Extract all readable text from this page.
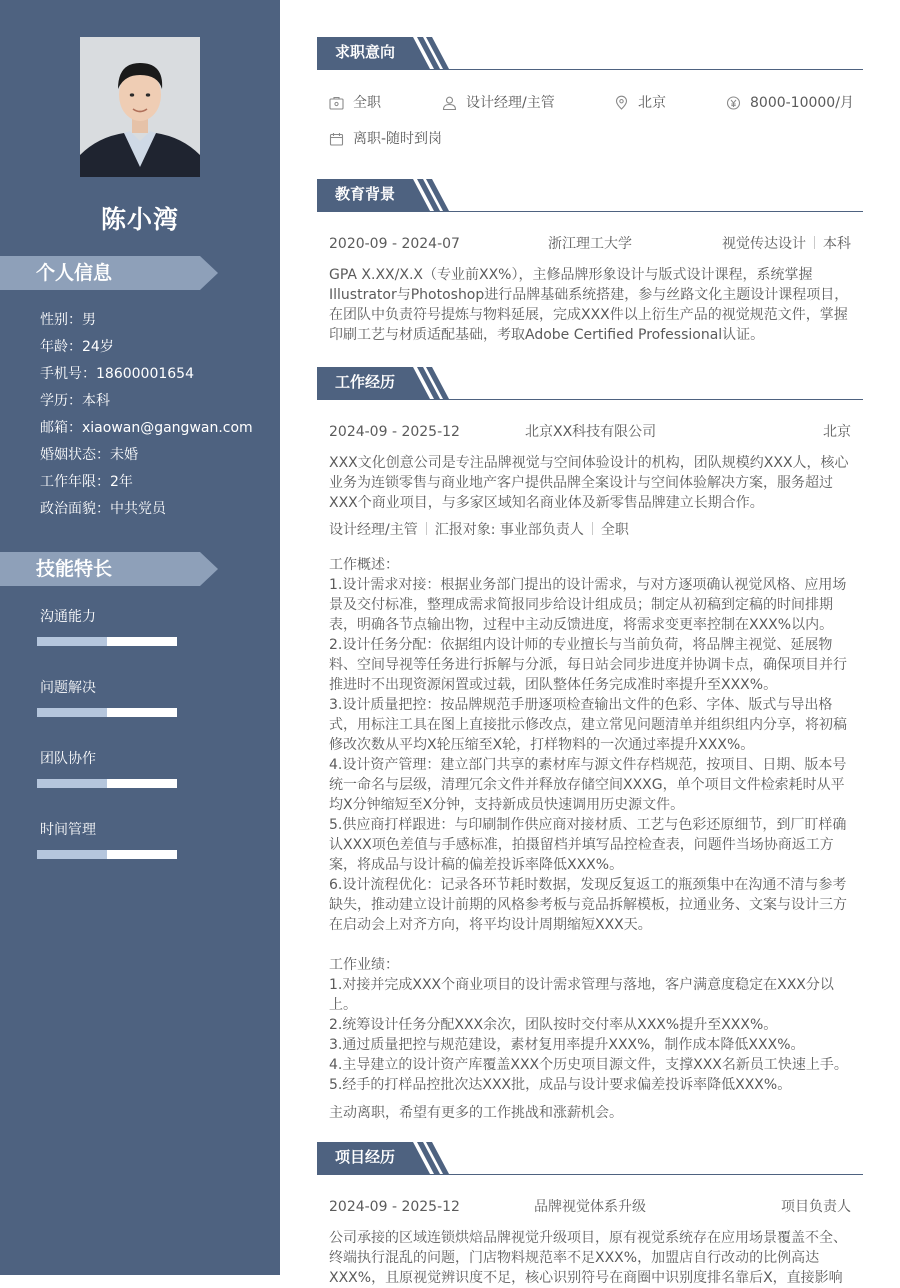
陈小湾
个人信息
性别：男
年龄：24岁
手机号：18600001654
学历：本科
邮箱：xiaowan@gangwan.com
婚姻状态：未婚
工作年限：2年
政治面貌：中共党员
技能特长
沟通能力
问题解决
团队协作
时间管理
求职意向
全职	设计经理/主管	北京	8000-10000/月
离职-随时到岗
教育背景
2020-09 - 2024-07	浙江理工大学	视觉传达设计 本科

GPA X.XX/X.X（专业前XX%），主修品牌形象设计与版式设计课程，系统掌握Illustrator与Photoshop进行品牌基础系统搭建，参与丝路文化主题设计课程项目，在团队中负责符号提炼与物料延展，完成XXX件以上衍生产品的视觉规范文件，掌握印刷工艺与材质适配基础，考取Adobe Certified Professional认证。

工作经历
2024-09 - 2025-12	北京XX科技有限公司	北京

XXX文化创意公司是专注品牌视觉与空间体验设计的机构，团队规模约XXX人，核心业务为连锁零售与商业地产客户提供品牌全案设计与空间体验解决方案，服务超过XXX个商业项目，与多家区域知名商业体及新零售品牌建立长期合作。

设计经理/主管 汇报对象: 事业部负责人 全职

工作概述：

1.设计需求对接：根据业务部门提出的设计需求，与对方逐项确认视觉风格、应用场景及交付标准，整理成需求简报同步给设计组成员；制定从初稿到定稿的时间排期表，明确各节点输出物，过程中主动反馈进度，将需求变更率控制在XXX%以内。

2.设计任务分配：依据组内设计师的专业擅长与当前负荷，将品牌主视觉、延展物料、空间导视等任务进行拆解与分派，每日站会同步进度并协调卡点，确保项目并行推进时不出现资源闲置或过载，团队整体任务完成准时率提升至XXX%。

3.设计质量把控：按品牌规范手册逐项检查输出文件的色彩、字体、版式与导出格式，用标注工具在图上直接批示修改点，建立常见问题清单并组织组内分享，将初稿修改次数从平均X轮压缩至X轮，打样物料的一次通过率提升XXX%。

4.设计资产管理：建立部门共享的素材库与源文件存档规范，按项目、日期、版本号统一命名与层级，清理冗余文件并释放存储空间XXXG，单个项目文件检索耗时从平均X分钟缩短至X分钟，支持新成员快速调用历史源文件。

5.供应商打样跟进：与印刷制作供应商对接材质、工艺与色彩还原细节，到厂盯样确认XXX项色差值与手感标准，拍摄留档并填写品控检查表，问题件当场协商返工方案，将成品与设计稿的偏差投诉率降低XXX%。

6.设计流程优化：记录各环节耗时数据，发现反复返工的瓶颈集中在沟通不清与参考缺失，推动建立设计前期的风格参考板与竞品拆解模板，拉通业务、文案与设计三方在启动会上对齐方向，将平均设计周期缩短XXX天。

工作业绩：

1.对接并完成XXX个商业项目的设计需求管理与落地，客户满意度稳定在XXX分以上。

2.统筹设计任务分配XXX余次，团队按时交付率从XXX%提升至XXX%。

3.通过质量把控与规范建设，素材复用率提升XXX%，制作成本降低XXX%。

4.主导建立的设计资产库覆盖XXX个历史项目源文件，支撑XXX名新员工快速上手。

5.经手的打样品控批次达XXX批，成品与设计要求偏差投诉率降低XXX%。

主动离职，希望有更多的工作挑战和涨薪机会。

项目经历
2024-09 - 2025-12	品牌视觉体系升级	项目负责人

公司承接的区域连锁烘焙品牌视觉升级项目，原有视觉系统存在应用场景覆盖不全、终端执行混乱的问题，门店物料规范率不足XXX%，加盟店自行改动的比例高达XXX%，且原视觉辨识度不足，核心识别符号在商圈中识别度排名靠后X，直接影响
